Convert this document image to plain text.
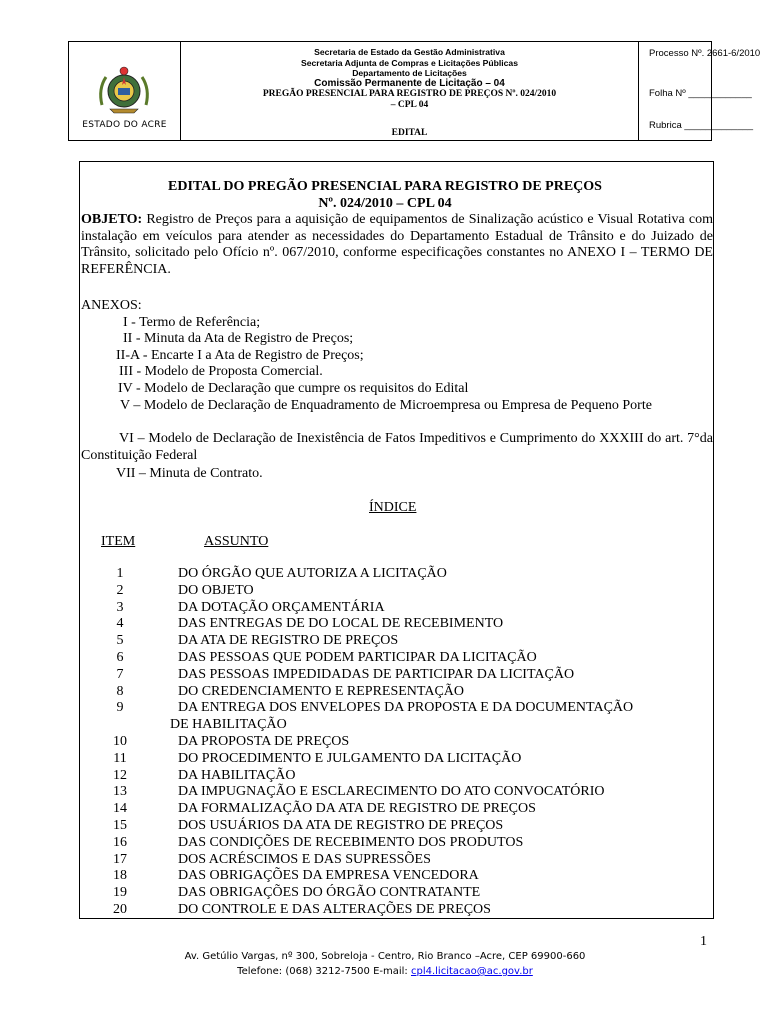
ESTADO DO ACRE
Secretaria de Estado da Gestão Administrativa
Secretaria Adjunta de Compras e Licitações Públicas
Departamento de Licitações
Comissão Permanente de Licitação – 04
PREGÃO PRESENCIAL PARA REGISTRO DE PREÇOS Nº. 024/2010
– CPL 04
EDITAL
Processo Nº. 2661-6/2010
Folha Nº ____________
Rubrica _____________
EDITAL DO PREGÃO PRESENCIAL PARA REGISTRO DE PREÇOS
Nº. 024/2010 – CPL 04
OBJETO: Registro de Preços para a aquisição de equipamentos de Sinalização acústico e Visual Rotativa com instalação em veículos para atender as necessidades do Departamento Estadual de Trânsito e do Juizado de Trânsito, solicitado pelo Ofício nº. 067/2010, conforme especificações constantes no ANEXO I – TERMO DE REFERÊNCIA.
ANEXOS:
I - Termo de Referência;
II - Minuta da Ata de Registro de Preços;
II-A - Encarte I a Ata de Registro de Preços;
III - Modelo de Proposta Comercial.
IV - Modelo de Declaração que cumpre os requisitos do Edital
V – Modelo de Declaração de Enquadramento de Microempresa ou Empresa de Pequeno Porte
VI – Modelo de Declaração de Inexistência de Fatos Impeditivos e Cumprimento do XXXIII do art. 7°da Constituição Federal
VII – Minuta de Contrato.
ÍNDICE
ITEM	ASSUNTO
1	DO ÓRGÃO QUE AUTORIZA A LICITAÇÃO
2	DO OBJETO
3	DA DOTAÇÃO ORÇAMENTÁRIA
4	DAS ENTREGAS DE DO LOCAL DE RECEBIMENTO
5	DA ATA DE REGISTRO DE PREÇOS
6	DAS PESSOAS QUE PODEM PARTICIPAR DA LICITAÇÃO
7	DAS PESSOAS IMPEDIDADAS DE PARTICIPAR DA LICITAÇÃO
8	DO CREDENCIAMENTO E REPRESENTAÇÃO
9	DA ENTREGA DOS ENVELOPES DA PROPOSTA E DA DOCUMENTAÇÃO
DE HABILITAÇÃO
10	DA PROPOSTA DE PREÇOS
11	DO PROCEDIMENTO E JULGAMENTO DA LICITAÇÃO
12	DA HABILITAÇÃO
13	DA IMPUGNAÇÃO E ESCLARECIMENTO DO ATO CONVOCATÓRIO
14	DA FORMALIZAÇÃO DA ATA DE REGISTRO DE PREÇOS
15	DOS USUÁRIOS DA ATA DE REGISTRO DE PREÇOS
16	DAS CONDIÇÕES DE RECEBIMENTO DOS PRODUTOS
17	DOS ACRÉSCIMOS E DAS SUPRESSÕES
18	DAS OBRIGAÇÕES DA EMPRESA VENCEDORA
19	DAS OBRIGAÇÕES DO ÓRGÃO CONTRATANTE
20	DO CONTROLE E DAS ALTERAÇÕES DE PREÇOS
1
Av. Getúlio Vargas, nº 300, Sobreloja - Centro, Rio Branco –Acre, CEP 69900-660
Telefone: (068) 3212-7500 E-mail: cpl4.licitacao@ac.gov.br
